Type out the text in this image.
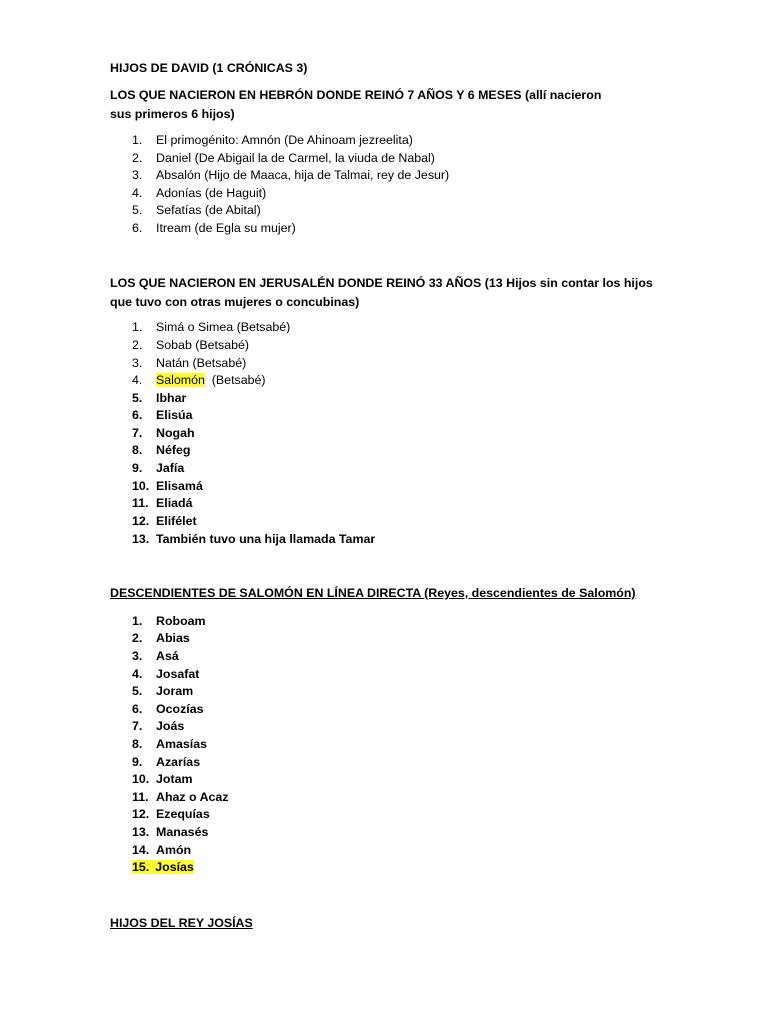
HIJOS DE DAVID (1 CRÓNICAS 3)
LOS QUE NACIERON EN HEBRÓN DONDE REINÓ 7 AÑOS Y 6 MESES (allí nacieron sus primeros 6 hijos)
1. El primogénito: Amnón (De Ahinoam jezreelita)
2. Daniel (De Abigail la de Carmel, la viuda de Nabal)
3. Absalón (Hijo de Maaca, hija de Talmai, rey de Jesur)
4. Adonías (de Haguit)
5. Sefatías (de Abital)
6. Itream (de Egla su mujer)
LOS QUE NACIERON EN JERUSALÉN DONDE REINÓ 33 AÑOS (13 Hijos sin contar los hijos que tuvo con otras mujeres o concubinas)
1. Simá o Simea (Betsabé)
2. Sobab (Betsabé)
3. Natán (Betsabé)
4. Salomón  (Betsabé)
5. Ibhar
6. Elisúa
7. Nogah
8. Néfeg
9. Jafía
10. Elisamá
11. Eliadá
12. Elifélet
13. También tuvo una hija llamada Tamar
DESCENDIENTES DE SALOMÓN EN LÍNEA DIRECTA (Reyes, descendientes de Salomón)
1. Roboam
2. Abias
3. Asá
4. Josafat
5. Joram
6. Ocozías
7. Joás
8. Amasías
9. Azarías
10. Jotam
11. Ahaz o Acaz
12. Ezequías
13. Manasés
14. Amón
15. Josías
HIJOS DEL REY JOSÍAS
